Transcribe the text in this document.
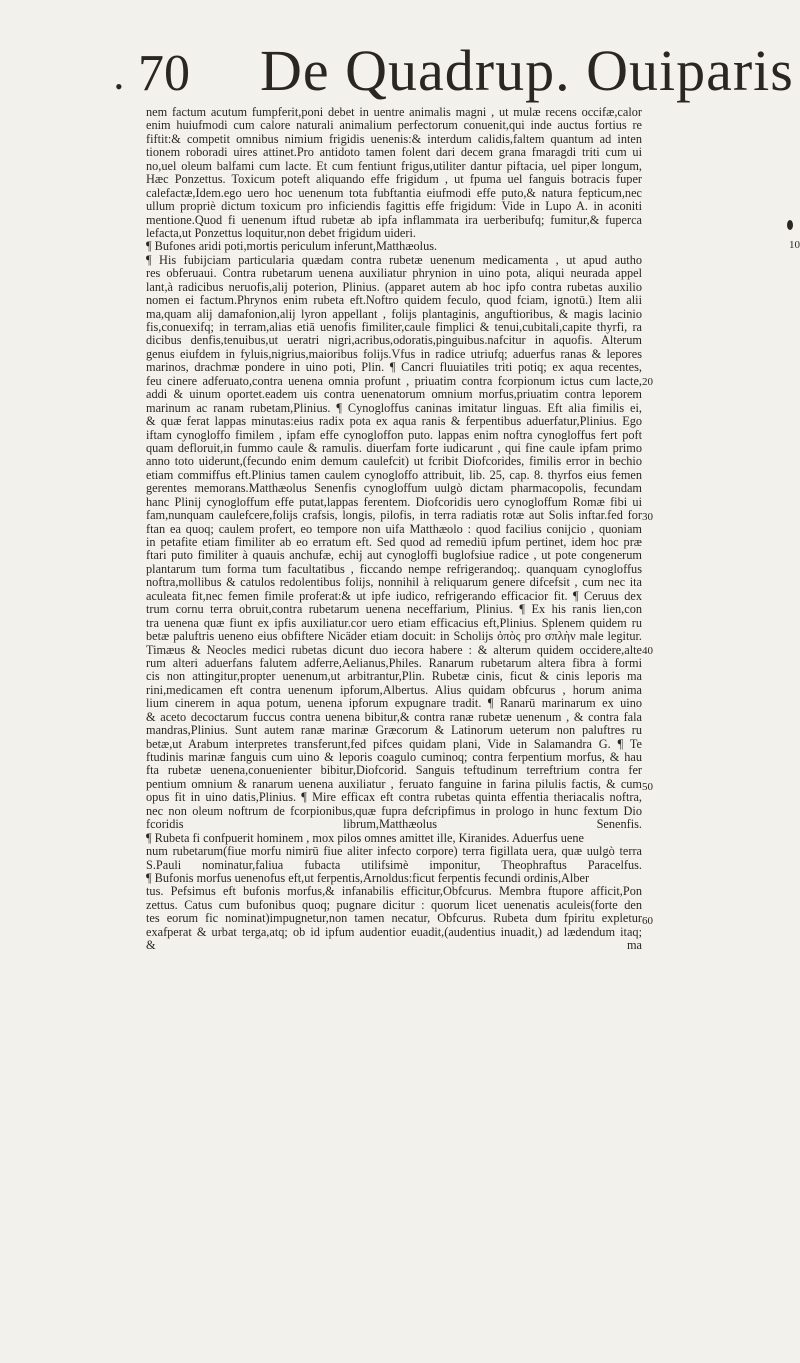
• 70 De Quadrup. Ouiparis
nem factum acutum fumpferit,poni debet in uentre animalis magni , ut mulæ recens occifæ,calor
enim huiufmodi cum calore naturali animalium perfectorum conuenit,qui inde auctus fortius re
fiftit:& competit omnibus nimium frigidis uenenis:& interdum calidis,faltem quantum ad inten
tionem roboradi uires attinet.Pro antidoto tamen folent dari decem grana fmaragdi triti cum ui
no,uel oleum balfami cum lacte. Et cum fentiunt frigus,utiliter dantur piftacia, uel piper longum,
Hæc Ponzettus. Toxicum poteft aliquando effe frigidum , ut fpuma uel fanguis botracis fuper
calefactæ,Idem.ego uero hoc uenenum tota fubftantia eiufmodi effe puto,& natura fepticum,nec
ullum propriè dictum toxicum pro inficiendis fagittis effe frigidum: Vide in Lupo A. in aconiti
mentione.Quod fi uenenum iftud rubetæ ab ipfa inflammata ira uerberibufq; fumitur,& fuperca
lefacta,ut Ponzettus loquitur,non debet frigidum uideri.
¶ Bufones aridi poti,mortis periculum inferunt,Matthæolus.
¶ His fubijciam particularia quædam contra rubetæ uenenum medicamenta , ut apud autho
res obferuaui. Contra rubetarum uenena auxiliatur phrynion in uino pota, aliqui neurada appel
lant,à radicibus neruofis,alij poterion, Plinius. (apparet autem ab hoc ipfo contra rubetas auxilio
nomen ei factum.Phrynos enim rubeta eft.Noftro quidem feculo, quod fciam, ignotū.) Item alii
ma,quam alij damafonion,alij lyron appellant , folijs plantaginis, anguftioribus, & magis lacinio
fis,conuexifq; in terram,alias etiā uenofis fimiliter,caule fimplici & tenui,cubitali,capite thyrfi, ra
dicibus denfis,tenuibus,ut ueratri nigri,acribus,odoratis,pinguibus.nafcitur in aquofis. Alterum
genus eiufdem in fyluis,nigrius,maioribus folijs.Vfus in radice utriufq; aduerfus ranas & lepores
marinos, drachmæ pondere in uino poti, Plin. ¶ Cancri fluuiatiles triti potiq; ex aqua recentes,
feu cinere adferuato,contra uenena omnia profunt , priuatim contra fcorpionum ictus cum lacte,
addi & uinum oportet.eadem uis contra uenenatorum omnium morfus,priuatim contra leporem
marinum ac ranam rubetam,Plinius. ¶ Cynogloffus caninas imitatur linguas. Eft alia fimilis ei,
& quæ ferat lappas minutas:eius radix pota ex aqua ranis & ferpentibus aduerfatur,Plinius. Ego
iftam cynogloffo fimilem , ipfam effe cynogloffon puto. lappas enim noftra cynogloffus fert poft
quam defloruit,in fummo caule & ramulis. diuerfam forte iudicarunt , qui fine caule ipfam primo
anno toto uiderunt,(fecundo enim demum caulefcit) ut fcribit Diofcorides, fimilis error in bechio
etiam commiffus eft.Plinius tamen caulem cynogloffo attribuit, lib. 25, cap. 8. thyrfos eius femen
gerentes memorans.Matthæolus Senenfis cynogloffum uulgò dictam pharmacopolis, fecundam
hanc Plinij cynogloffum effe putat,lappas ferentem. Diofcoridis uero cynogloffum Romæ fibi ui
fam,nunquam caulefcere,folijs crafsis, longis, pilofis, in terra radiatis rotæ aut Solis inftar.fed for
ftan ea quoq; caulem profert, eo tempore non uifa Matthæolo : quod facilius conijcio , quoniam
in petafite etiam fimiliter ab eo erratum eft. Sed quod ad remediū ipfum pertinet, idem hoc præ
ftari puto fimiliter à quauis anchufæ, echij aut cynogloffi buglofsiue radice , ut pote congenerum
plantarum tum forma tum facultatibus , ficcando nempe refrigerandoq;. quanquam cynogloffus
noftra,mollibus & catulos redolentibus folijs, nonnihil à reliquarum genere difcefsit , cum nec ita
aculeata fit,nec femen fimile proferat:& ut ipfe iudico, refrigerando efficacior fit. ¶ Ceruus dex
trum cornu terra obruit,contra rubetarum uenena neceffarium, Plinius. ¶ Ex his ranis lien,con
tra uenena quæ fiunt ex ipfis auxiliatur.cor uero etiam efficacius eft,Plinius. Splenem quidem ru
betæ paluftris ueneno eius obfiftere Nicäder etiam docuit: in Scholijs ὀπὸς pro σπλὴν male legitur.
Timæus & Neocles medici rubetas dicunt duo iecora habere : & alterum quidem occidere,alte
rum alteri aduerfans falutem adferre,Aelianus,Philes. Ranarum rubetarum altera fibra à formi
cis non attingitur,propter uenenum,ut arbitrantur,Plin. Rubetæ cinis, ficut & cinis leporis ma
rini,medicamen eft contra uenenum ipforum,Albertus. Alius quidam obfcurus , horum anima
lium cinerem in aqua potum, uenena ipforum expugnare tradit. ¶ Ranarū marinarum ex uino
& aceto decoctarum fuccus contra uenena bibitur,& contra ranæ rubetæ uenenum , & contra fala
mandras,Plinius. Sunt autem ranæ marinæ Græcorum & Latinorum ueterum non paluftres ru
betæ,ut Arabum interpretes transferunt,fed pifces quidam plani, Vide in Salamandra G. ¶ Te
ftudinis marinæ fanguis cum uino & leporis coagulo cuminoq; contra ferpentium morfus, & hau
fta rubetæ uenena,conuenienter bibitur,Diofcorid. Sanguis teftudinum terreftrium contra fer
pentium omnium & ranarum uenena auxiliatur , feruato fanguine in farina pilulis factis, & cum
opus fit in uino datis,Plinius. ¶ Mire efficax eft contra rubetas quinta effentia theriacalis noftra,
nec non oleum noftrum de fcorpionibus,quæ fupra defcripfimus in prologo in hunc fextum Dio
fcoridis librum,Matthæolus Senenfis.
¶ Rubeta fi confpuerit hominem , mox pilos omnes amittet ille, Kiranides. Aduerfus uene
num rubetarum(fiue morfu nimirū fiue aliter infecto corpore) terra figillata uera, quæ uulgò terra
S.Pauli nominatur,faliua fubacta utilifsimè imponitur, Theophraftus Paracelfus.
¶ Bufonis morfus uenenofus eft,ut ferpentis,Arnoldus:ficut ferpentis fecundi ordinis,Alber
tus. Pefsimus eft bufonis morfus,& infanabilis efficitur,Obfcurus. Membra ftupore afficit,Pon
zettus. Catus cum bufonibus quoq; pugnare dicitur : quorum licet uenenatis aculeis(forte den
tes eorum fic nominat)impugnetur,non tamen necatur, Obfcurus. Rubeta dum fpiritu expletur
exafperat & urbat terga,atq; ob id ipfum audentior euadit,(audentius inuadit,) ad lædendum itaq;
& ma
10
20
30
40
50
60
